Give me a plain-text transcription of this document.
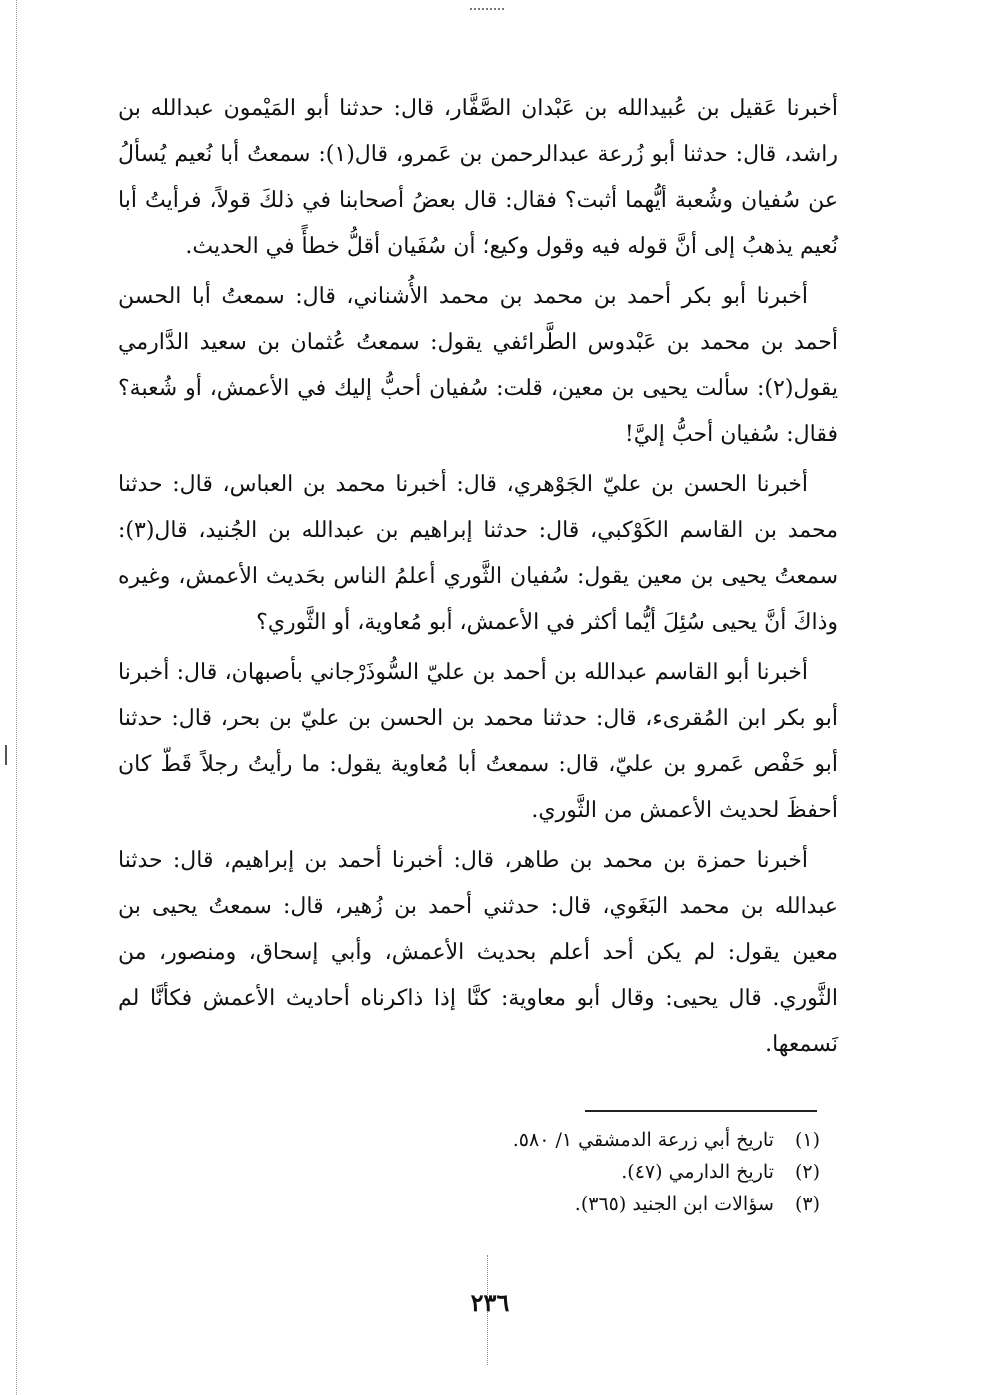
أخبرنا عَقيل بن عُبيدالله بن عَبْدان الصَّفَّار، قال: حدثنا أبو المَيْمون عبدالله بن راشد، قال: حدثنا أبو زُرعة عبدالرحمن بن عَمرو، قال(١): سمعتُ أبا نُعيم يُسألُ عن سُفيان وشُعبة أيُّهما أثبت؟ فقال: قال بعضُ أصحابنا في ذلكَ قولاً، فرأيتُ أبا نُعيم يذهبُ إلى أنَّ قوله فيه وقول وكيع؛ أن سُفَيان أقلُّ خطأً في الحديث.

أخبرنا أبو بكر أحمد بن محمد بن محمد الأُشناني، قال: سمعتُ أبا الحسن أحمد بن محمد بن عَبْدوس الطَّرائفي يقول: سمعتُ عُثمان بن سعيد الدَّارمي يقول(٢): سألت يحيى بن معين، قلت: سُفيان أحبُّ إليك في الأعمش، أو شُعبة؟ فقال: سُفيان أحبُّ إليَّ!

أخبرنا الحسن بن عليّ الجَوْهري، قال: أخبرنا محمد بن العباس، قال: حدثنا محمد بن القاسم الكَوْكبي، قال: حدثنا إبراهيم بن عبدالله بن الجُنيد، قال(٣): سمعتُ يحيى بن معين يقول: سُفيان الثَّوري أعلمُ الناس بحَديث الأعمش، وغيره وذاكَ أنَّ يحيى سُئِلَ أيُّما أكثر في الأعمش، أبو مُعاوية، أو الثَّوري؟

أخبرنا أبو القاسم عبدالله بن أحمد بن عليّ السُّوذَرْجاني بأصبهان، قال: أخبرنا أبو بكر ابن المُقرىء، قال: حدثنا محمد بن الحسن بن عليّ بن بحر، قال: حدثنا أبو حَفْص عَمرو بن عليّ، قال: سمعتُ أبا مُعاوية يقول: ما رأيتُ رجلاً قَطّ كان أحفظَ لحديث الأعمش من الثَّوري.

أخبرنا حمزة بن محمد بن طاهر، قال: أخبرنا أحمد بن إبراهيم، قال: حدثنا عبدالله بن محمد البَغَوي، قال: حدثني أحمد بن زُهير، قال: سمعتُ يحيى بن معين يقول: لم يكن أحد أعلم بحديث الأعمش، وأبي إسحاق، ومنصور، من الثَّوري. قال يحيى: وقال أبو معاوية: كنَّا إذا ذاكرناه أحاديث الأعمش فكأنَّا لم نَسمعها.

(١) تاريخ أبي زرعة الدمشقي ١/ ٥٨٠.
(٢) تاريخ الدارمي (٤٧).
(٣) سؤالات ابن الجنيد (٣٦٥).
٢٣٦
